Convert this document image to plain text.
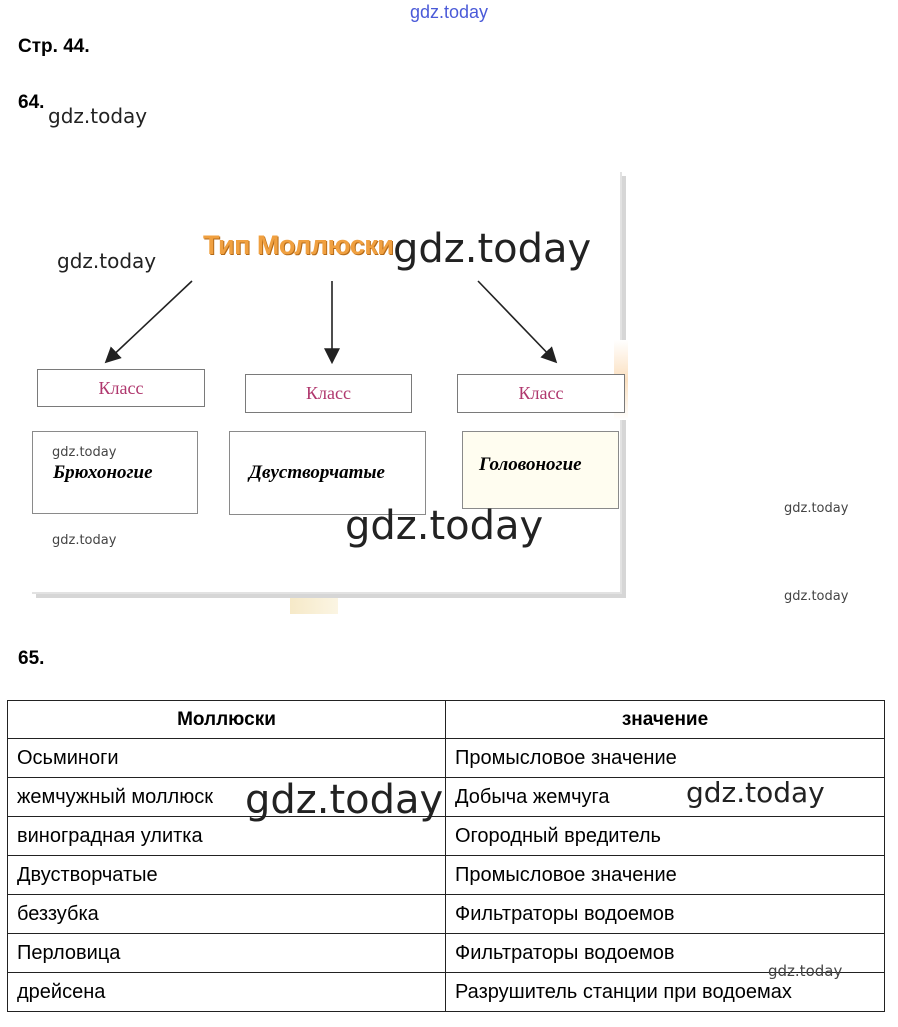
gdz.today
Стр. 44.
64.
gdz.today
Тип Моллюски
Класс	Класс	Класс
Брюхоногие	Двустворчатые	Головоногие
gdz.today	gdz.today
gdz.today
gdz.today	gdz.today	gdz.today
gdz.today
65.
Моллюски	значение
Осьминоги	Промысловое значение
жемчужный моллюск	Добыча жемчуга
виноградная улитка	Огородный вредитель
Двустворчатые	Промысловое значение
беззубка	Фильтраторы водоемов
Перловица	Фильтраторы водоемов
дрейсена	Разрушитель станции при водоемах
gdz.today	gdz.today
gdz.today
